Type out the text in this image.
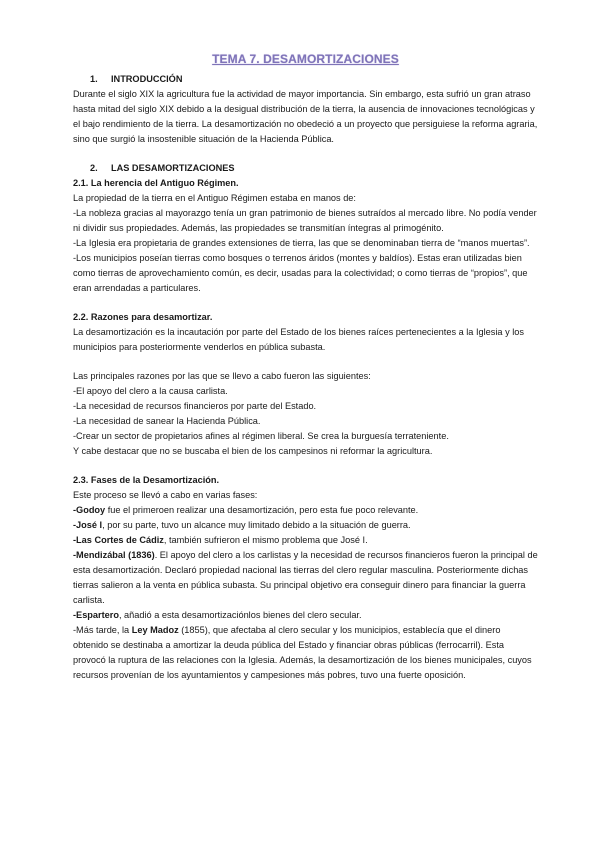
TEMA 7. DESAMORTIZACIONES
1. INTRODUCCIÓN

Durante el siglo XIX la agricultura fue la actividad de mayor importancia. Sin embargo, esta sufrió un gran atraso hasta mitad del siglo XIX debido a la desigual distribución de la tierra, la ausencia de innovaciones tecnológicas y el bajo rendimiento de la tierra. La desamortización no obedeció a un proyecto que persiguiese la reforma agraria, sino que surgió la insostenible situación de la Hacienda Pública.

2. LAS DESAMORTIZACIONES
2.1. La herencia del Antiguo Régimen.

La propiedad de la tierra en el Antiguo Régimen estaba en manos de:

-La nobleza gracias al mayorazgo tenía un gran patrimonio de bienes sutraídos al mercado libre. No podía vender ni dividir sus propiedades. Además, las propiedades se transmitían íntegras al primogénito.

-La Iglesia era propietaria de grandes extensiones de tierra, las que se denominaban tierra de “manos muertas”.

-Los municipios poseían tierras como bosques o terrenos áridos (montes y baldíos). Estas eran utilizadas bien como tierras de aprovechamiento común, es decir, usadas para la colectividad; o como tierras de “propios”, que eran arrendadas a particulares.

2.2. Razones para desamortizar.

La desamortización es la incautación por parte del Estado de los bienes raíces pertenecientes a la Iglesia y los municipios para posteriormente venderlos en pública subasta.

Las principales razones por las que se llevo a cabo fueron las siguientes:

-El apoyo del clero a la causa carlista.

-La necesidad de recursos financieros por parte del Estado.

-La necesidad de sanear la Hacienda Pública.

-Crear un sector de propietarios afines al régimen liberal. Se crea la burguesía terrateniente.

Y cabe destacar que no se buscaba el bien de los campesinos ni reformar la agricultura.

2.3. Fases de la Desamortización.

Este proceso se llevó a cabo en varias fases:

-Godoy fue el primeroen realizar una desamortización, pero esta fue poco relevante.

-José I, por su parte, tuvo un alcance muy limitado debido a la situación de guerra.

-Las Cortes de Cádiz, también sufrieron el mismo problema que José I.

-Mendizábal (1836). El apoyo del clero a los carlistas y la necesidad de recursos financieros fueron la principal de esta desamortización. Declaró propiedad nacional las tierras del clero regular masculina. Posteriormente dichas tierras salieron a la venta en pública subasta. Su principal objetivo era conseguir dinero para financiar la guerra carlista.

-Espartero, añadió a esta desamortizaciónlos bienes del clero secular.

-Más tarde, la Ley Madoz (1855), que afectaba al clero secular y los municipios, establecía que el dinero obtenido se destinaba a amortizar la deuda pública del Estado y financiar obras públicas (ferrocarril). Esta provocó la ruptura de las relaciones con la Iglesia. Además, la desamortización de los bienes municipales, cuyos recursos provenían de los ayuntamientos y campesiones más pobres, tuvo una fuerte oposición.
